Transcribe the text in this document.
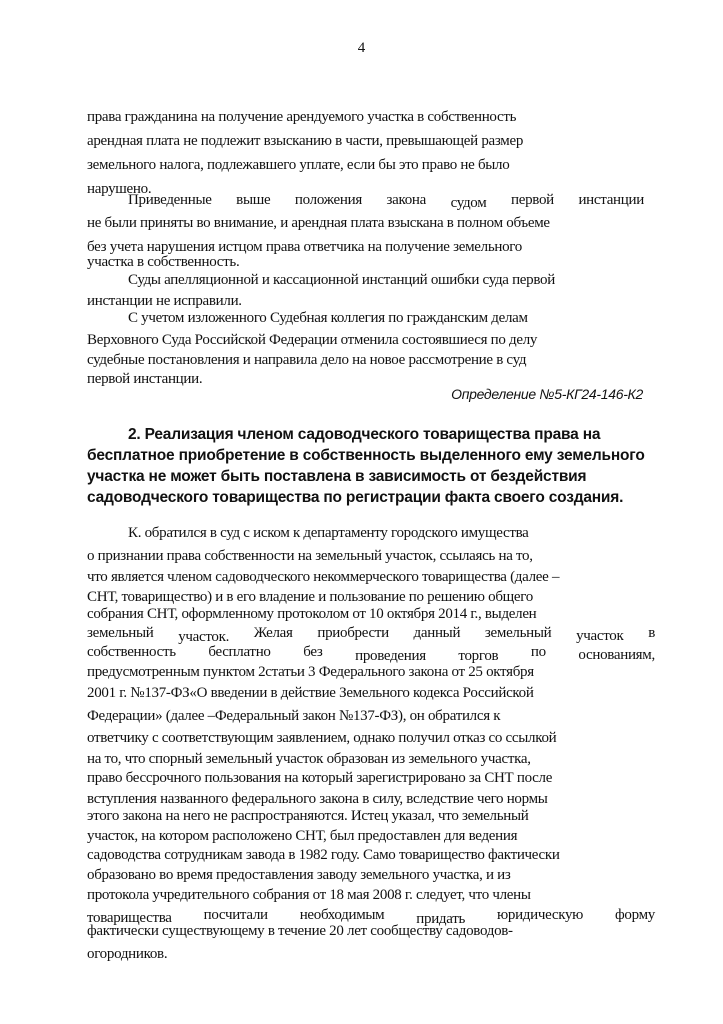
4
права гражданина на получение арендуемого участка в собственность
арендная плата не подлежит взысканию в части, превышающей размер
земельного налога, подлежавшего уплате, если бы это право не было
нарушено.
Приведенные выше положения закона судом первой инстанции
не были приняты во внимание, и арендная плата взыскана в полном объеме
без учета нарушения истцом права ответчика на получение земельного
участка в собственность.
Суды апелляционной и кассационной инстанций ошибки суда первой
инстанции не исправили.
С учетом изложенного Судебная коллегия по гражданским делам
Верховного Суда Российской Федерации отменила состоявшиеся по делу
судебные постановления и направила дело на новое рассмотрение в суд
первой инстанции.
Определение №5-КГ24-146-К2
2. Реализация членом садоводческого товарищества права на
бесплатное приобретение в собственность выделенного ему земельного
участка не может быть поставлена в зависимость от бездействия
садоводческого товарищества по регистрации факта своего создания.
К. обратился в суд с иском к департаменту городского имущества
о признании права собственности на земельный участок, ссылаясь на то,
что является членом садоводческого некоммерческого товарищества (далее –
СНТ, товарищество) и в его владение и пользование по решению общего
собрания СНТ, оформленному протоколом от 10 октября 2014 г., выделен
земельный участок. Желая приобрести данный земельный участок в
собственность бесплатно без проведения торгов по основаниям,
предусмотренным пунктом 2статьи 3 Федерального закона от 25 октября
2001 г. №137-ФЗ«О введении в действие Земельного кодекса Российской
Федерации» (далее –Федеральный закон №137-ФЗ), он обратился к
ответчику с соответствующим заявлением, однако получил отказ со ссылкой
на то, что спорный земельный участок образован из земельного участка,
право бессрочного пользования на который зарегистрировано за СНТ после
вступления названного федерального закона в силу, вследствие чего нормы
этого закона на него не распространяются. Истец указал, что земельный
участок, на котором расположено СНТ, был предоставлен для ведения
садоводства сотрудникам завода в 1982 году. Само товарищество фактически
образовано во время предоставления заводу земельного участка, и из
протокола учредительного собрания от 18 мая 2008 г. следует, что члены
товарищества посчитали необходимым придать юридическую форму
фактически существующему в течение 20 лет сообществу садоводов-
огородников.
